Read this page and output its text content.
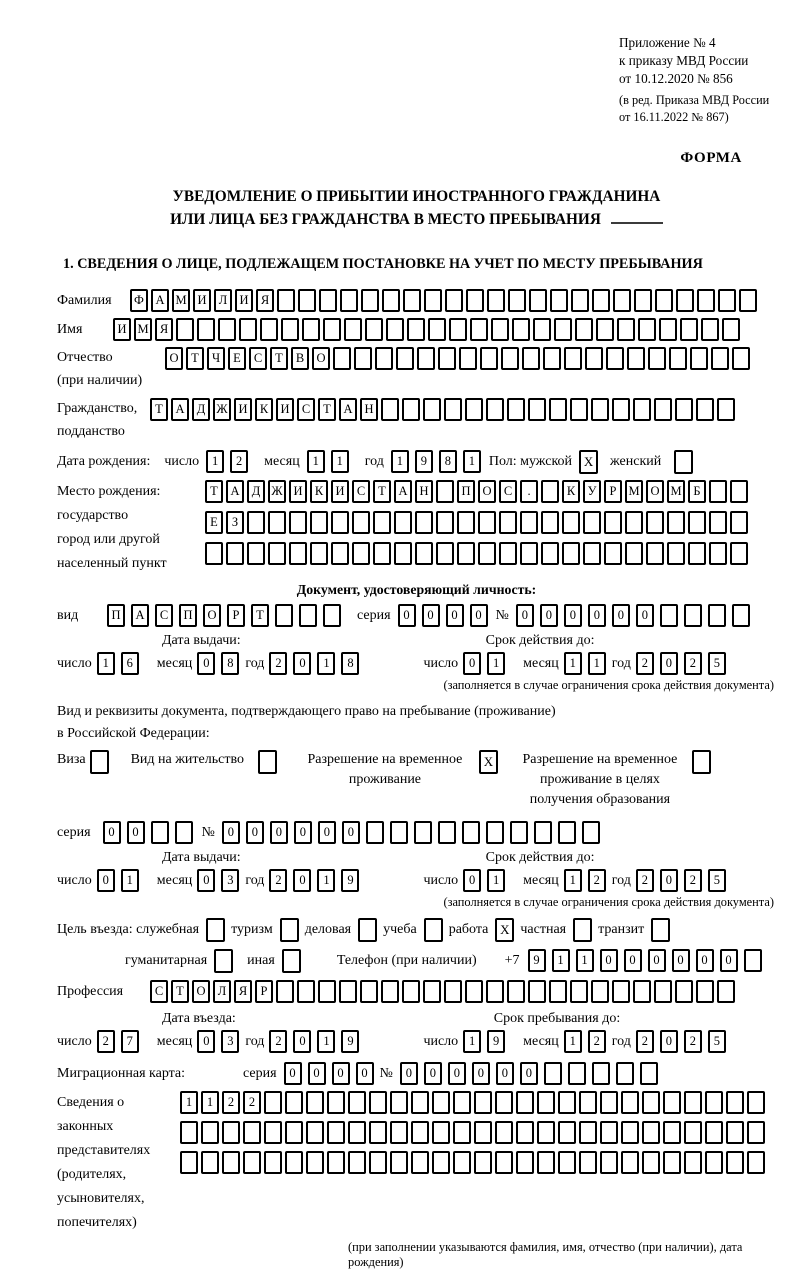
Приложение № 4
к приказу МВД России
от 10.12.2020 № 856
(в ред. Приказа МВД России
от 16.11.2022 № 867)
ФОРМА
УВЕДОМЛЕНИЕ О ПРИБЫТИИ ИНОСТРАННОГО ГРАЖДАНИНА
ИЛИ ЛИЦА БЕЗ ГРАЖДАНСТВА В МЕСТО ПРЕБЫВАНИЯ
1. СВЕДЕНИЯ О ЛИЦЕ, ПОДЛЕЖАЩЕМ ПОСТАНОВКЕ НА УЧЕТ ПО МЕСТУ ПРЕБЫВАНИЯ
Фамилия	Ф А М И Л И Я
Имя	И М Я
Отчество
(при наличии)
О	Т	Ч	Е	С	Т	В О
Гражданство,
подданство
Т	А Д Ж И К И С	Т	А Н
Дата рождения: число	1	2	месяц	1	1	год	1	9	8	1 Пол: мужской X	женский
Место рождения:
государство
город или другой
населенный пункт
Т	А Д Ж И К И С	Т	А Н	П О С	.	К У	Р М О М Б
Е	З
Документ, удостоверяющий личность:
вид	П	А	С	П	О	Р	Т	серия	0	0	0	0 №	0	0	0	0	0	0
Дата выдачи:	Срок действия до:
число 1	6	месяц 0	8 год 2	0	1	8	число 0	1	месяц 1	1 год 2	0	2	5
(заполняется в случае ограничения срока действия документа)
Вид и реквизиты документа, подтверждающего право на пребывание (проживание)
в Российской Федерации:
Виза	Вид на жительство	Разрешение на временное
проживание
X	Разрешение на временное
проживание в целях
получения образования
серия	0	0	№	0	0	0	0	0	0
Дата выдачи:	Срок действия до:
число 0	1	месяц 0	3 год 2	0	1	9	число 0	1	месяц 1	2 год 2	0	2	5
(заполняется в случае ограничения срока действия документа)
Цель въезда: служебная туризм деловая учеба работа X частная транзит
гуманитарная	иная	Телефон (при наличии) +7	9	1	1	0	0	0	0	0	0
Профессия	С	Т	О Л	Я	Р
Дата въезда:	Срок пребывания до:
число 2	7	месяц 0	3 год 2	0	1	9	число 1	9	месяц 1	2 год 2	0	2	5
Миграционная карта:	серия	0	0	0	0 №	0	0	0	0	0	0
Сведения о
законных
представителях
(родителях,
усыновителях,
попечителях)
1	1	2	2
(при заполнении указываются фамилия, имя, отчество (при наличии), дата рождения)
